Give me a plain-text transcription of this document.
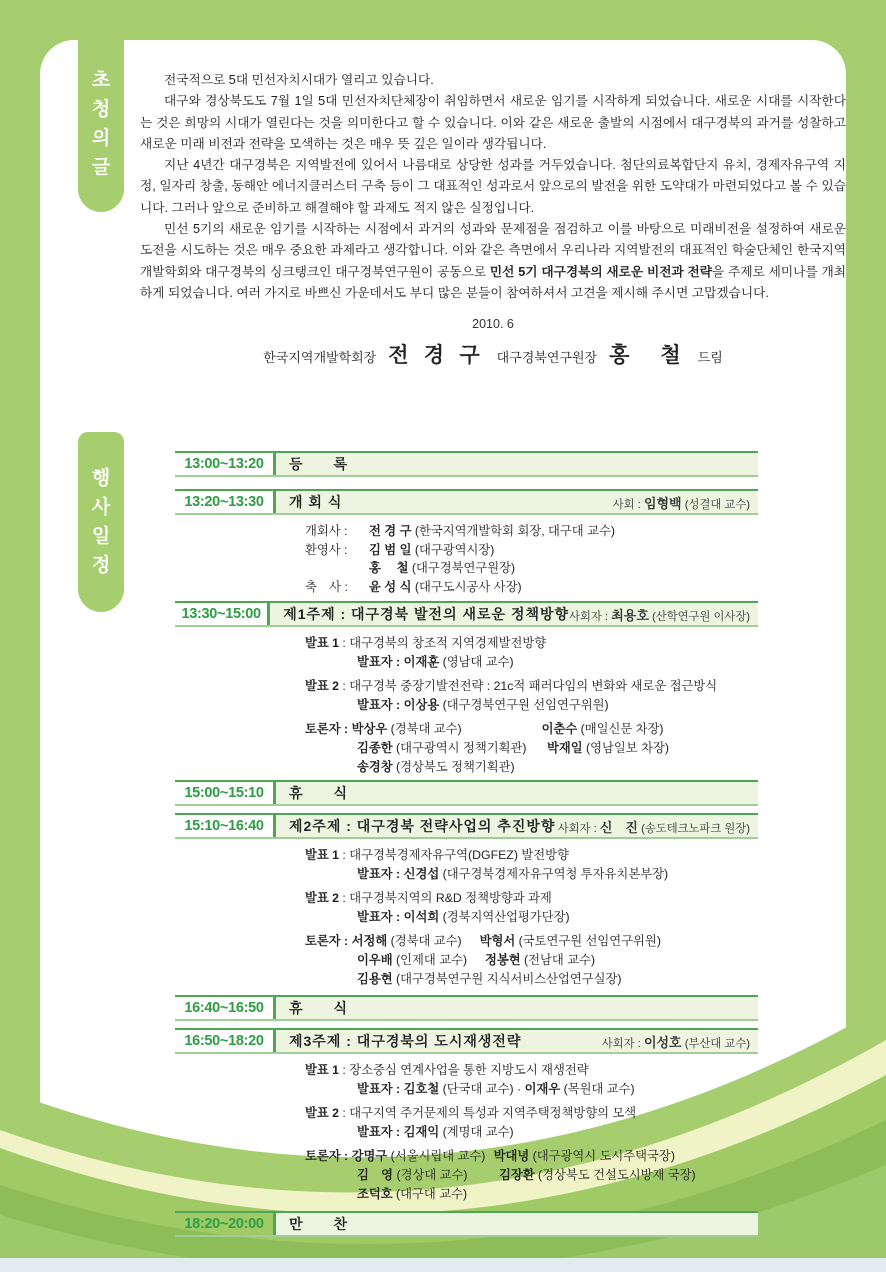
초
청
의
글
행
사
일
정

전국적으로 5대 민선자치시대가 열리고 있습니다.

대구와 경상북도도 7월 1일 5대 민선자치단체장이 취임하면서 새로운 임기를 시작하게 되었습니다. 새로운 시대를 시작한다는 것은 희망의 시대가 열린다는 것을 의미한다고 할 수 있습니다. 이와 같은 새로운 출발의 시점에서 대구경북의 과거를 성찰하고 새로운 미래 비전과 전략을 모색하는 것은 매우 뜻 깊은 일이라 생각됩니다.

지난 4년간 대구경북은 지역발전에 있어서 나름대로 상당한 성과를 거두었습니다. 첨단의료복합단지 유치, 경제자유구역 지정, 일자리 창출, 동해안 에너지클러스터 구축 등이 그 대표적인 성과로서 앞으로의 발전을 위한 도약대가 마련되었다고 볼 수 있습니다. 그러나 앞으로 준비하고 해결해야 할 과제도 적지 않은 실정입니다.

민선 5기의 새로운 임기를 시작하는 시점에서 과거의 성과와 문제점을 점검하고 이를 바탕으로 미래비전을 설정하여 새로운 도전을 시도하는 것은 매우 중요한 과제라고 생각합니다. 이와 같은 측면에서 우리나라 지역발전의 대표적인 학술단체인 한국지역개발학회와 대구경북의 싱크탱크인 대구경북연구원이 공동으로 민선 5기 대구경북의 새로운 비전과 전략을 주제로 세미나를 개최하게 되었습니다. 여러 가지로 바쁘신 가운데서도 부디 많은 분들이 참여하셔서 고견을 제시해 주시면 고맙겠습니다.

2010. 6
한국지역개발학회장 전 경 구 대구경북연구원장 홍　철 드림
13:00~13:20	등　　록
13:20~13:30	개 회 식	사회 : 임형백 (성결대 교수)
개회사 :전 경 구 (한국지역개발학회 회장, 대구대 교수)
환영사 :김 범 일 (대구광역시장)
홍　 철 (대구경북연구원장)
축　사 :윤 성 식 (대구도시공사 사장)
13:30~15:00	제1주제 : 대구경북 발전의 새로운 정책방향 사회자 : 최용호 (산학연구원 이사장)
발표 1 : 대구경북의 창조적 지역경제발전방향
발표자 : 이재훈 (영남대 교수)
발표 2 : 대구경북 중장기발전전략 : 21c적 패러다임의 변화와 새로운 접근방식
발표자 : 이상용 (대구경북연구원 선임연구위원)
토론자 : 박상우 (경북대 교수)	이춘수 (매일신문 차장)
김종한 (대구광역시 정책기획관) 박재일 (영남일보 차장)
송경창 (경상북도 정책기획관)
15:00~15:10	휴　　식
15:10~16:40	제2주제 : 대구경북 전략사업의 추진방향 사회자 : 신　진 (송도테크노파크 원장)
발표 1 : 대구경북경제자유구역(DGFEZ) 발전방향
발표자 : 신경섭 (대구경북경제자유구역청 투자유치본부장)
발표 2 : 대구경북지역의 R&D 정책방향과 과제
발표자 : 이석희 (경북지역산업평가단장)
토론자 : 서정해 (경북대 교수) 박형서 (국토연구원 선임연구위원)
이우배 (인제대 교수) 정봉현 (전남대 교수)
김용현 (대구경북연구원 지식서비스산업연구실장)
16:40~16:50	휴　　식
16:50~18:20	제3주제 : 대구경북의 도시재생전략	사회자 : 이성호 (부산대 교수)
발표 1 : 장소중심 연계사업을 통한 지방도시 재생전략
발표자 : 김호철 (단국대 교수) · 이재우 (목원대 교수)
발표 2 : 대구지역 주거문제의 특성과 지역주택정책방향의 모색
발표자 : 김재익 (계명대 교수)
토론자 : 강명구 (서울시립대 교수) 박대녕 (대구광역시 도시주택국장)
김　영 (경상대 교수)	김장환 (경상북도 건설도시방재 국장)
조덕호 (대구대 교수)
18:20~20:00	만　　찬
